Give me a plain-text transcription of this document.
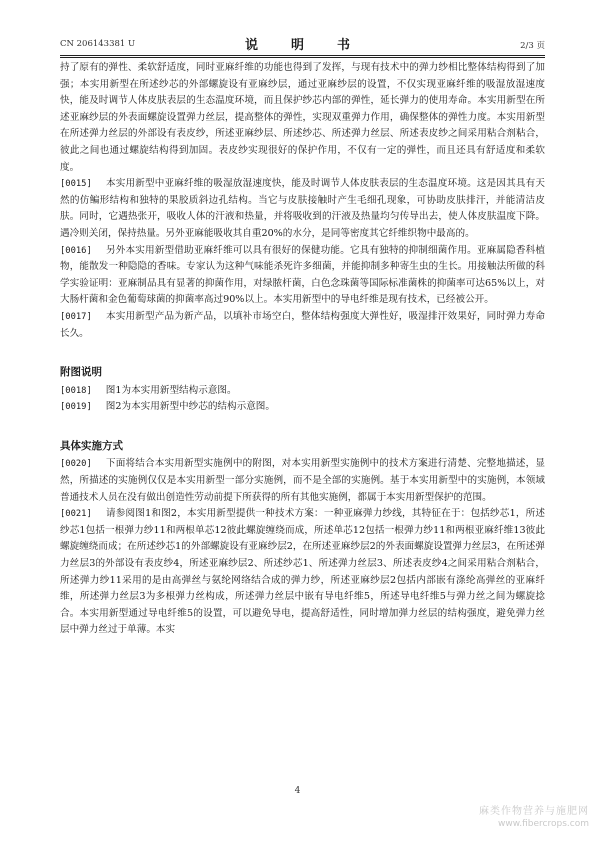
CN 206143381 U	说　明　书	2/3 页

持了原有的弹性、柔软舒适度，同时亚麻纤维的功能也得到了发挥，与现有技术中的弹力纱相比整体结构得到了加强；本实用新型在所述纱芯的外部螺旋设有亚麻纱层，通过亚麻纱层的设置，不仅实现亚麻纤维的吸湿放湿速度快，能及时调节人体皮肤表层的生态温度环境，而且保护纱芯内部的弹性，延长弹力的使用寿命。本实用新型在所述亚麻纱层的外表面螺旋设置弹力丝层，提高整体的弹性，实现双重弹力作用，确保整体的弹性力度。本实用新型在所述弹力丝层的外部设有表皮纱，所述亚麻纱层、所述纱芯、所述弹力丝层、所述表皮纱之间采用粘合剂粘合，彼此之间也通过螺旋结构得到加固。表皮纱实现很好的保护作用，不仅有一定的弹性，而且还具有舒适度和柔软度。

[0015] 本实用新型中亚麻纤维的吸湿放湿速度快，能及时调节人体皮肤表层的生态温度环境。这是因其具有天然的仿鳊形结构和独特的果胶质斜边孔结构。当它与皮肤接触时产生毛细孔现象，可协助皮肤排汗，并能清洁皮肤。同时，它遇热张开，吸收人体的汗液和热量，并将吸收到的汗液及热量均匀传导出去，使人体皮肤温度下降。遇冷则关闭，保持热量。另外亚麻能吸收其自重20%的水分，是同等密度其它纤维织物中最高的。

[0016] 另外本实用新型借助亚麻纤维可以具有很好的保健功能。它具有独特的抑制细菌作用。亚麻属隐香科植物，能散发一种隐隐的香味。专家认为这种气味能杀死许多细菌，并能抑制多种寄生虫的生长。用接触法所做的科学实验证明：亚麻制品具有显著的抑菌作用，对绿脓杆菌，白色念珠菌等国际标准菌株的抑菌率可达65%以上，对大肠杆菌和金色葡萄球菌的抑菌率高过90%以上。本实用新型中的导电纤维是现有技术，已经被公开。

[0017] 本实用新型产品为新产品，以填补市场空白，整体结构强度大弹性好，吸湿排汗效果好，同时弹力寿命长久。

附图说明

[0018] 图1为本实用新型结构示意图。

[0019] 图2为本实用新型中纱芯的结构示意图。

具体实施方式

[0020] 下面将结合本实用新型实施例中的附图，对本实用新型实施例中的技术方案进行清楚、完整地描述，显然，所描述的实施例仅仅是本实用新型一部分实施例，而不是全部的实施例。基于本实用新型中的实施例，本领域普通技术人员在没有做出创造性劳动前提下所获得的所有其他实施例，都属于本实用新型保护的范围。

[0021] 请参阅图1和图2，本实用新型提供一种技术方案：一种亚麻弹力纱线，其特征在于：包括纱芯1，所述纱芯1包括一根弹力纱11和两根单芯12彼此螺旋缠绕而成，所述单芯12包括一根弹力纱11和两根亚麻纤维13彼此螺旋缠绕而成；在所述纱芯1的外部螺旋设有亚麻纱层2，在所述亚麻纱层2的外表面螺旋设置弹力丝层3，在所述弹力丝层3的外部设有表皮纱4，所述亚麻纱层2、所述纱芯1、所述弹力丝层3、所述表皮纱4之间采用粘合剂粘合，所述弹力纱11采用的是由高弹丝与氨纶网络结合成的弹力纱，所述亚麻纱层2包括内部嵌有涤纶高弹丝的亚麻纤维，所述弹力丝层3为多根弹力丝构成，所述弹力丝层中嵌有导电纤维5，所述导电纤维5与弹力丝之间为螺旋捻合。本实用新型通过导电纤维5的设置，可以避免导电，提高舒适性，同时增加弹力丝层的结构强度，避免弹力丝层中弹力丝过于单薄。本实

4
麻类作物营养与施肥网
www.fibercrops.com
